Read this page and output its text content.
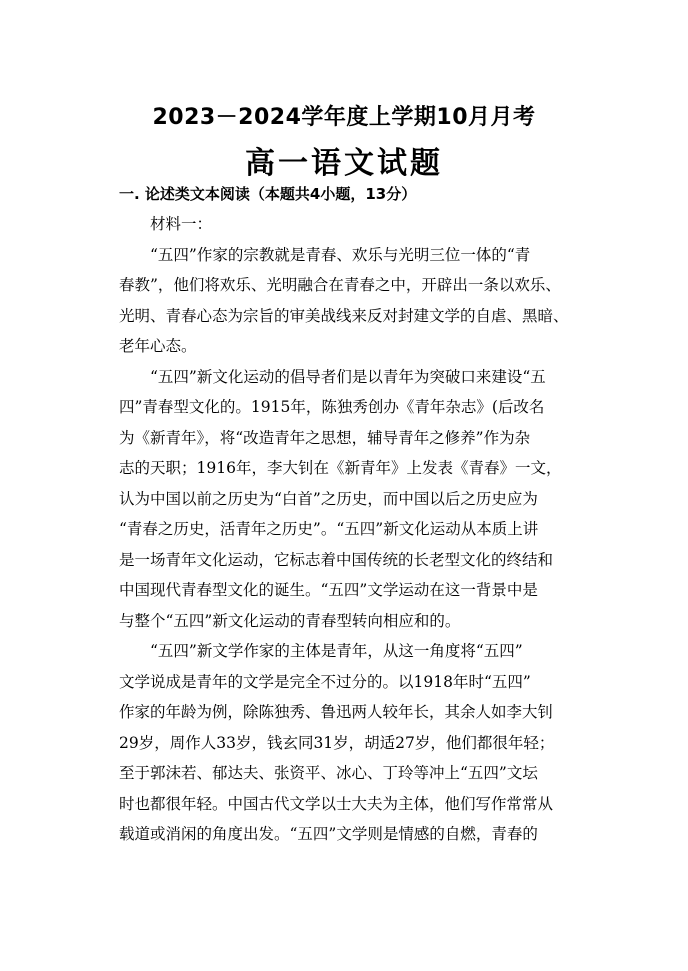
2023－2024学年度上学期10月月考
高一语文试题
一. 论述类文本阅读（本题共4小题，13分）
材料一：
“五四”作家的宗教就是青春、欢乐与光明三位一体的“青
春教”，他们将欢乐、光明融合在青春之中，开辟出一条以欢乐、
光明、青春心态为宗旨的审美战线来反对封建文学的自虐、黑暗、
老年心态。
“五四”新文化运动的倡导者们是以青年为突破口来建设“五
四”青春型文化的。1915年，陈独秀创办《青年杂志》(后改名
为《新青年》，将“改造青年之思想，辅导青年之修养”作为杂
志的天职；1916年，李大钊在《新青年》上发表《青春》一文，
认为中国以前之历史为“白首”之历史，而中国以后之历史应为
“青春之历史，活青年之历史”。“五四”新文化运动从本质上讲
是一场青年文化运动，它标志着中国传统的长老型文化的终结和
中国现代青春型文化的诞生。“五四”文学运动在这一背景中是
与整个“五四”新文化运动的青春型转向相应和的。
“五四”新文学作家的主体是青年，从这一角度将“五四”
文学说成是青年的文学是完全不过分的。以1918年时“五四”
作家的年龄为例，除陈独秀、鲁迅两人较年长，其余人如李大钊
29岁，周作人33岁，钱玄同31岁，胡适27岁，他们都很年轻；
至于郭沫若、郁达夫、张资平、冰心、丁玲等冲上“五四”文坛
时也都很年轻。中国古代文学以士大夫为主体，他们写作常常从
载道或消闲的角度出发。“五四”文学则是情感的自燃，青春的
